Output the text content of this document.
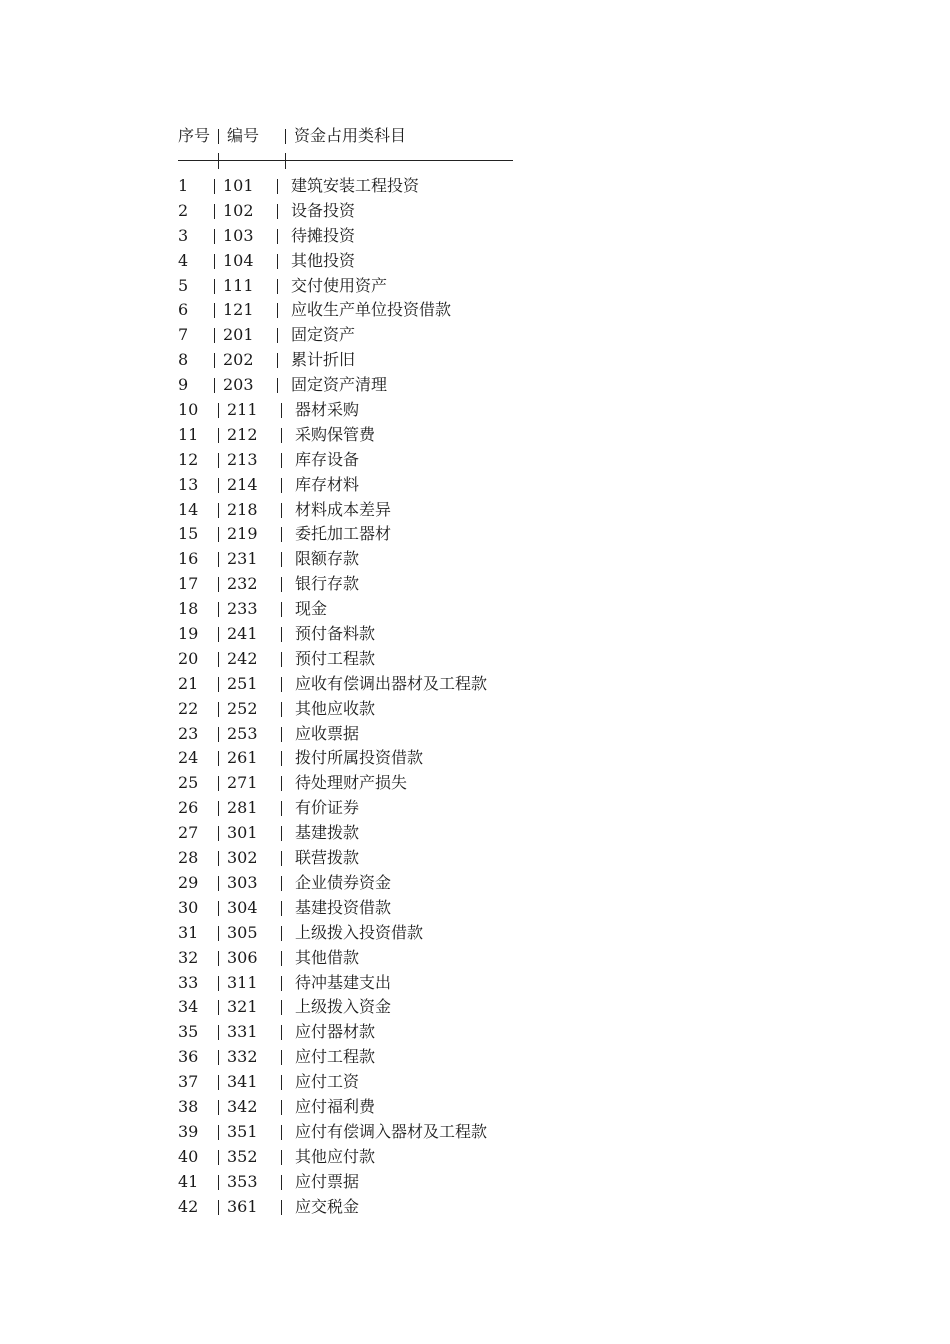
序号 编号 资金占用类科目
1 101 建筑安装工程投资
2 102 设备投资
3 103 待摊投资
4 104 其他投资
5 111 交付使用资产
6 121 应收生产单位投资借款
7 201 固定资产
8 202 累计折旧
9 203 固定资产清理
10 211 器材采购
11 212 采购保管费
12 213 库存设备
13 214 库存材料
14 218 材料成本差异
15 219 委托加工器材
16 231 限额存款
17 232 银行存款
18 233 现金
19 241 预付备料款
20 242 预付工程款
21 251 应收有偿调出器材及工程款
22 252 其他应收款
23 253 应收票据
24 261 拨付所属投资借款
25 271 待处理财产损失
26 281 有价证券
27 301 基建拨款
28 302 联营拨款
29 303 企业债券资金
30 304 基建投资借款
31 305 上级拨入投资借款
32 306 其他借款
33 311 待冲基建支出
34 321 上级拨入资金
35 331 应付器材款
36 332 应付工程款
37 341 应付工资
38 342 应付福利费
39 351 应付有偿调入器材及工程款
40 352 其他应付款
41 353 应付票据
42 361 应交税金
